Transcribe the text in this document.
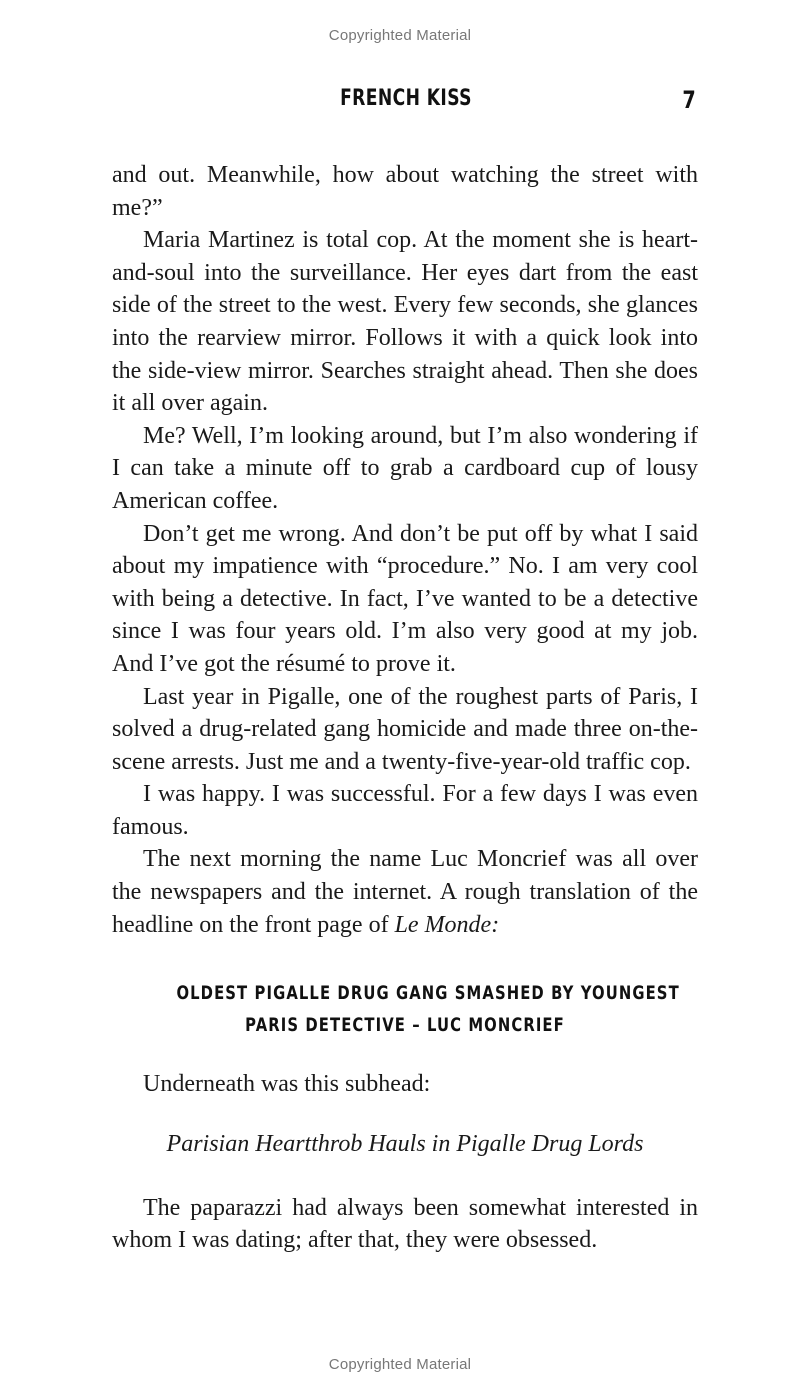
Copyrighted Material
FRENCH KISS	7

and out. Meanwhile, how about watching the street with me?”

Maria Martinez is total cop. At the moment she is heart-and-soul into the surveillance. Her eyes dart from the east side of the street to the west. Every few seconds, she glances into the rearview mirror. Follows it with a quick look into the side-view mirror. Searches straight ahead. Then she does it all over again.

Me? Well, I’m looking around, but I’m also wondering if I can take a minute off to grab a cardboard cup of lousy American coffee.

Don’t get me wrong. And don’t be put off by what I said about my impatience with “procedure.” No. I am very cool with being a detective. In fact, I’ve wanted to be a detective since I was four years old. I’m also very good at my job. And I’ve got the résumé to prove it.

Last year in Pigalle, one of the roughest parts of Paris, I solved a drug-related gang homicide and made three on-the-scene arrests. Just me and a twenty-five-year-old traffic cop.

I was happy. I was successful. For a few days I was even famous.

The next morning the name Luc Moncrief was all over the newspapers and the internet. A rough translation of the headline on the front page of Le Monde:

OLDEST PIGALLE DRUG GANG SMASHED BY YOUNGEST
PARIS DETECTIVE – LUC MONCRIEF

Underneath was this subhead:

Parisian Heartthrob Hauls in Pigalle Drug Lords

The paparazzi had always been somewhat interested in whom I was dating; after that, they were obsessed.

Copyrighted Material
